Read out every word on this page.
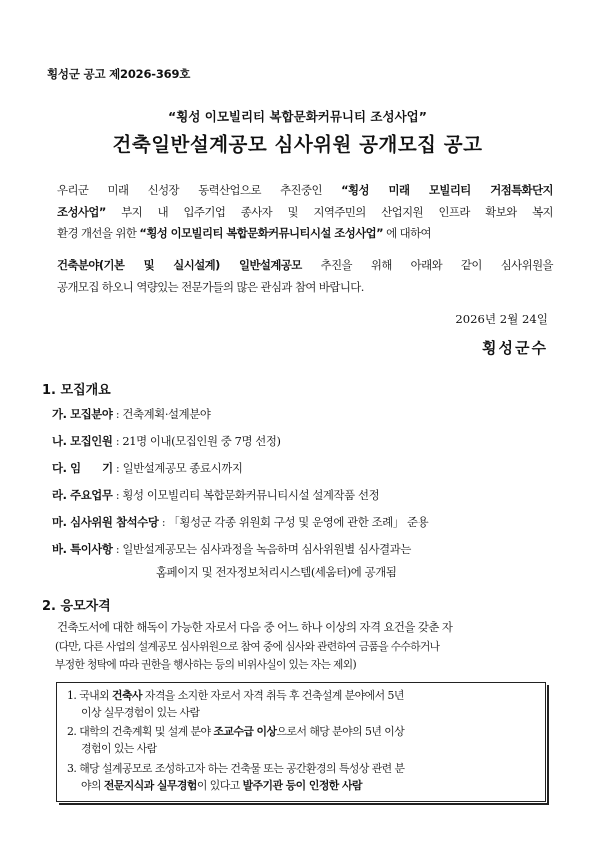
횡성군 공고 제2026-369호
“횡성 이모빌리티 복합문화커뮤니티 조성사업”
건축일반설계공모 심사위원 공개모집 공고
우리군 미래 신성장 동력산업으로 추진중인 “횡성 미래 모빌리티 거점특화단지
조성사업” 부지 내 입주기업 종사자 및 지역주민의 산업지원 인프라 확보와 복지
환경 개선을 위한 “횡성 이모빌리티 복합문화커뮤니티시설 조성사업” 에 대하여
건축분야(기본 및 실시설계) 일반설계공모 추진을 위해 아래와 같이 심사위원을
공개모집 하오니 역량있는 전문가들의 많은 관심과 참여 바랍니다.
2026년 2월 24일
횡성군수
1. 모집개요
가. 모집분야 : 건축계획·설계분야
나. 모집인원 : 21명 이내(모집인원 중 7명 선정)
다. 임      기 : 일반설계공모 종료시까지
라. 주요업무 : 횡성 이모빌리티 복합문화커뮤니티시설 설계작품 선정
마. 심사위원 참석수당 : 「횡성군 각종 위원회 구성 및 운영에 관한 조례」 준용
바. 특이사항 : 일반설계공모는 심사과정을 녹음하며 심사위원별 심사결과는
홈페이지 및 전자정보처리시스템(세움터)에 공개됨
2. 응모자격
건축도서에 대한 해독이 가능한 자로서 다음 중 어느 하나 이상의 자격 요건을 갖춘 자
(다만, 다른 사업의 설계공모 심사위원으로 참여 중에 심사와 관련하여 금품을 수수하거나
부정한 청탁에 따라 권한을 행사하는 등의 비위사실이 있는 자는 제외)
1. 국내외 건축사 자격을 소지한 자로서 자격 취득 후 건축설계 분야에서 5년
이상 실무경험이 있는 사람
2. 대학의 건축계획 및 설계 분야 조교수급 이상으로서 해당 분야의 5년 이상
경험이 있는 사람
3. 해당 설계공모로 조성하고자 하는 건축물 또는 공간환경의 특성상 관련 분
야의 전문지식과 실무경험이 있다고 발주기관 등이 인정한 사람
